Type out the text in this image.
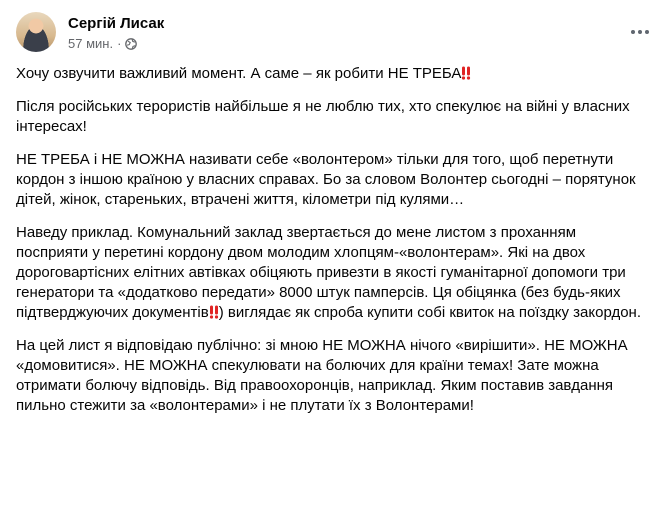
Сергій Лисак
57 мин. ·

Хочу озвучити важливий момент. А саме – як робити НЕ ТРЕБА

Після російських терористів найбільше я не люблю тих, хто спекулює на війні у власних інтересах!

НЕ ТРЕБА і НЕ МОЖНА називати себе «волонтером» тільки для того, щоб перетнути кордон з іншою країною у власних справах. Бо за словом Волонтер сьогодні – порятунок дітей, жінок, стареньких, втрачені життя, кілометри під кулями…

Наведу приклад. Комунальний заклад звертається до мене листом з проханням посприяти у перетині кордону двом молодим хлопцям-«волонтерам». Які на двох дороговартісних елітних автівках обіцяють привезти в якості гуманітарної допомоги три генератори та «додатково передати» 8000 штук памперсів. Ця обіцянка (без будь-яких підтверджуючих документів ) виглядає як спроба купити собі квиток на поїздку закордон.

На цей лист я відповідаю публічно: зі мною НЕ МОЖНА нічого «вирішити». НЕ МОЖНА «домовитися». НЕ МОЖНА спекулювати на болючих для країни темах! Зате можна отримати болючу відповідь. Від правоохоронців, наприклад. Яким поставив завдання пильно стежити за «волонтерами» і не плутати їх з Волонтерами!
